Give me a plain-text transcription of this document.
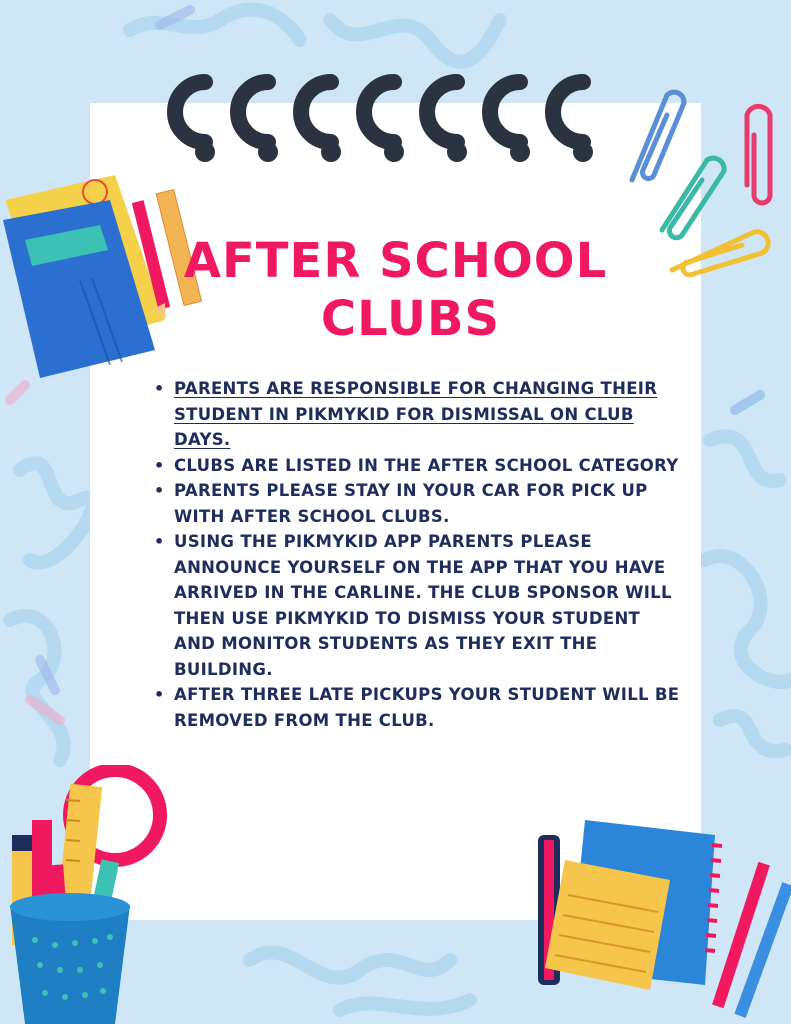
AFTER SCHOOL
CLUBS
• PARENTS ARE RESPONSIBLE FOR CHANGING THEIR STUDENT IN PIKMYKID FOR DISMISSAL ON CLUB DAYS.
• CLUBS ARE LISTED IN THE AFTER SCHOOL CATEGORY
• PARENTS PLEASE STAY IN YOUR CAR FOR PICK UP WITH AFTER SCHOOL CLUBS.
• USING THE PIKMYKID APP PARENTS PLEASE ANNOUNCE YOURSELF ON THE APP THAT YOU HAVE ARRIVED IN THE CARLINE. THE CLUB SPONSOR WILL THEN USE PIKMYKID TO DISMISS YOUR STUDENT AND MONITOR STUDENTS AS THEY EXIT THE BUILDING.
• AFTER THREE LATE PICKUPS YOUR STUDENT WILL BE REMOVED FROM THE CLUB.
